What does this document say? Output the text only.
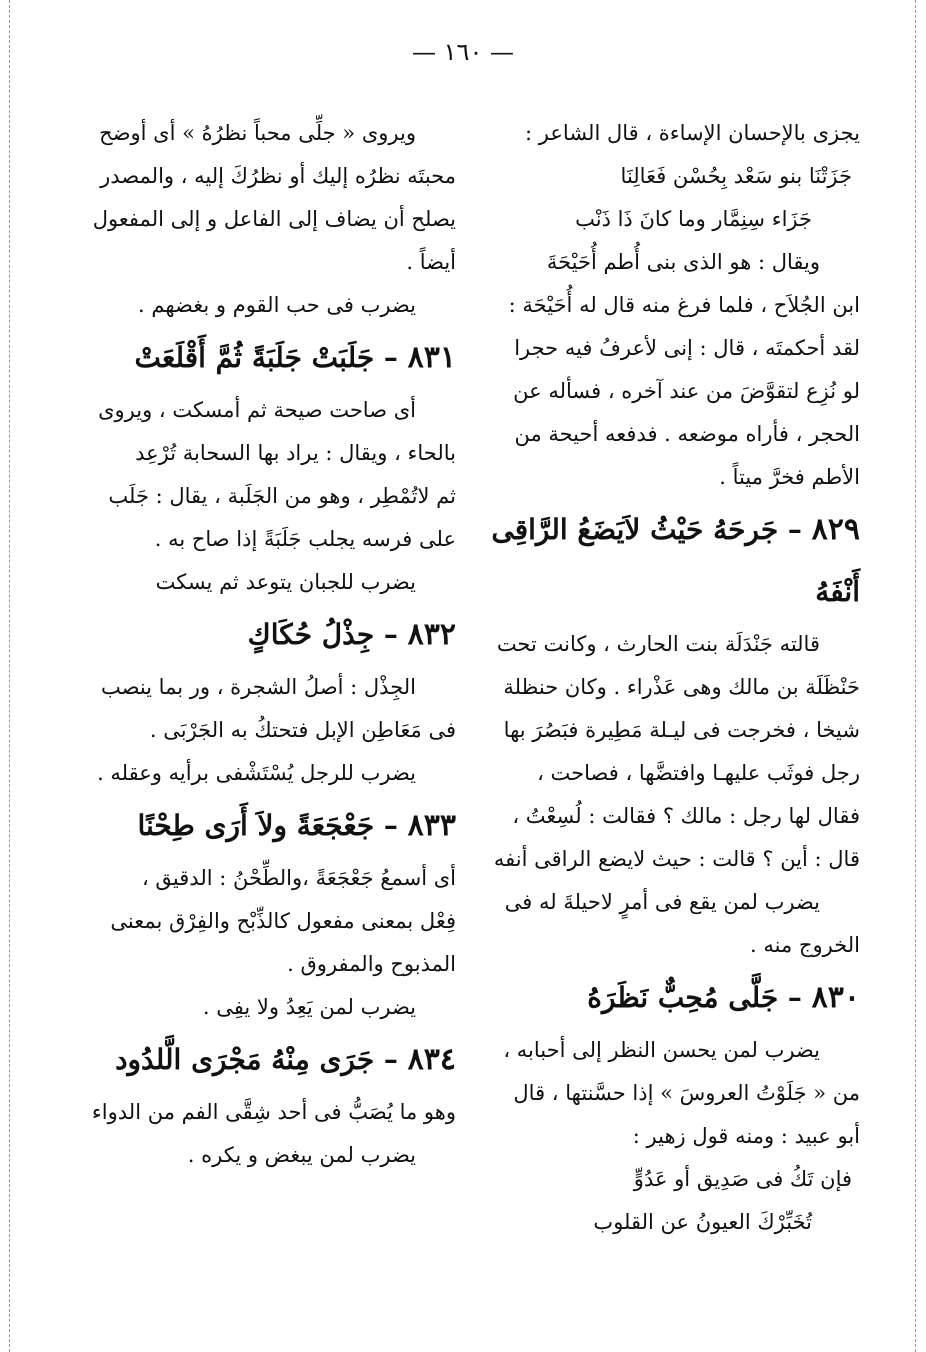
— ١٦٠ —

يجزى بالإحسان الإساءة ، قال الشاعر :

جَزَتْنَا بنو سَعْد بِحُسْن فَعَالِنَا

جَزَاء سِنِمَّار وما كانَ ذَا ذَنْب

ويقال : هو الذى بنى أُطم أُحَيْحَةَ

ابن الجُلاَح ، فلما فرغ منه قال له أُحَيْحَة :

لقد أحكمتَه ، قال : إنى لأعرفُ فيه حجرا

لو نُزِع لتقوَّضَ من عند آخره ، فسأله عن

الحجر ، فأراه موضعه . فدفعه أحيحة من

الأطم فخرَّ ميتاً .

٨٢٩ – جَرحَهُ حَيْثُ لاَيَضَعُ الرَّاقِى أَنْفَهُ

قالته جَنْدَلَة بنت الحارث ، وكانت تحت

حَنْظَلَة بن مالك وهى عَذْراء . وكان حنظلة

شيخا ، فخرجت فى ليـلة مَطِيرة فبَصُرَ بها

رجل فوثَب عليهـا وافتضَّها ، فصاحت ،

فقال لها رجل : مالك ؟ فقالت : لُسِعْتُ ،

قال : أين ؟ قالت : حيث لايضع الراقى أنفه

يضرب لمن يقع فى أمرٍ لاحيلةَ له فى

الخروج منه .

٨٣٠ – جَلَّى مُحِبٌّ نَظَرَهُ

يضرب لمن يحسن النظر إلى أحبابه ،

من « جَلَوْتُ العروسَ » إذا حسَّنتها ، قال

أبو عبيد : ومنه قول زهير :

فإن تَكُ فى صَدِيق أو عَدُوٍّ

تُخَبِّرْكَ العيونُ عن القلوب

ويروى « جلِّى محباً نظرُهُ » أى أوضح

محبتَه نظرُه إليك أو نظرُكَ إليه ، والمصدر

يصلح أن يضاف إلى الفاعل و إلى المفعول

أيضاً .

يضرب فى حب القوم و بغضهم .

٨٣١ – جَلَبَتْ جَلَبَةً ثُمَّ أَقْلَعَتْ

أى صاحت صيحة ثم أمسكت ، ويروى

بالحاء ، ويقال : يراد بها السحابة تُرْعِد

ثم لاتُمْطِر ، وهو من الجَلَبة ، يقال : جَلَب

على فرسه يجلب جَلَبَةً إذا صاح به .

يضرب للجبان يتوعد ثم يسكت

٨٣٢ – جِذْلُ حُكَاكٍ

الجِذْل : أصلُ الشجرة ، ور بما ينصب

فى مَعَاطِن الإبل فتحتكُ به الجَرْبَى .

يضرب للرجل يُسْتَشْفى برأيه وعقله .

٨٣٣ – جَعْجَعَةً ولاَ أَرَى طِحْنًا

أى أسمعُ جَعْجَعَةً ،والطِّحْنُ : الدقيق ،

فِعْل بمعنى مفعول كالذِّبْح والفِرْق بمعنى

المذبوح والمفروق .

يضرب لمن يَعِدُ ولا يفِى .

٨٣٤ – جَرَى مِنْهُ مَجْرَى الَّلدُود

وهو ما يُصَبُّ فى أحد شِقَّى الفم من الدواء

يضرب لمن يبغض و يكره .
